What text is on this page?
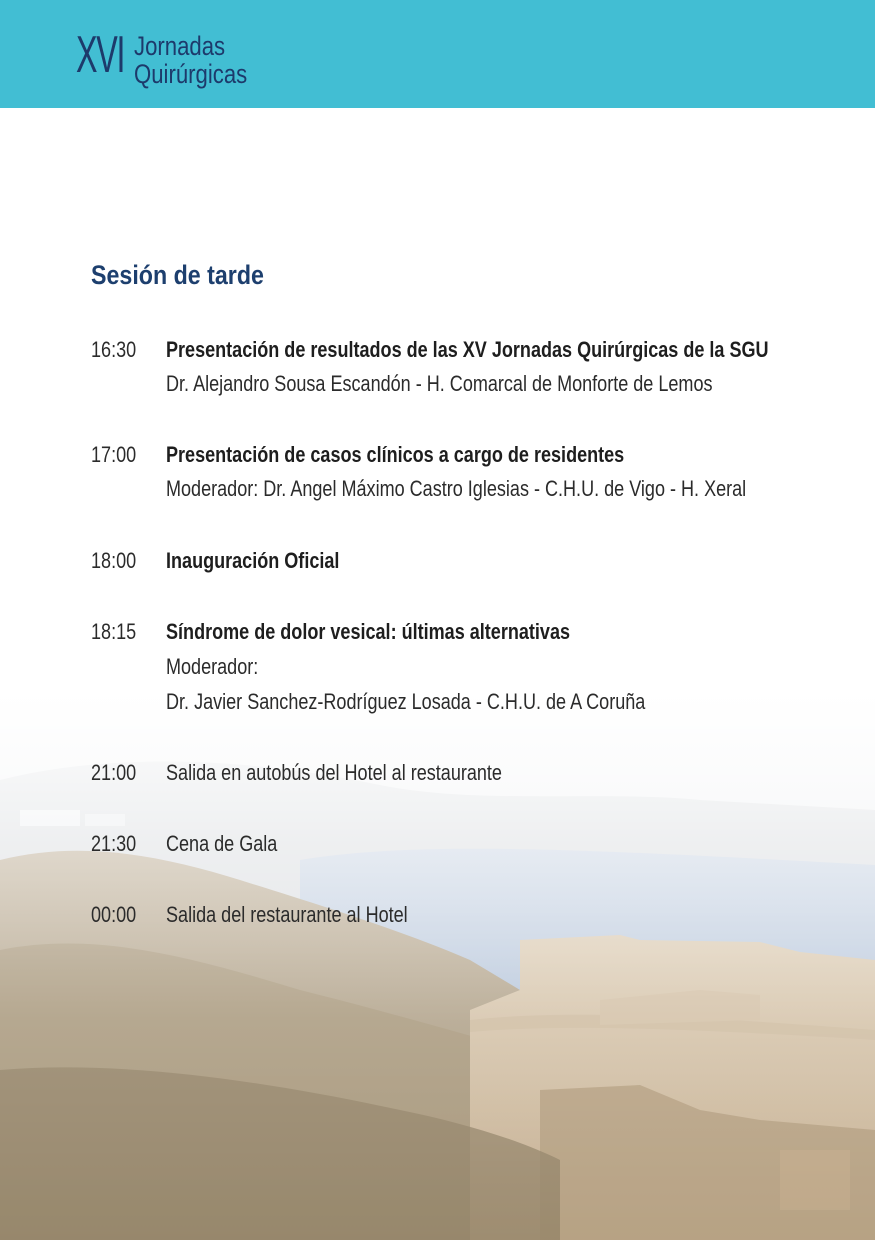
XVI Jornadas
Quirúrgicas
Sesión de tarde
16:30 Presentación de resultados de las XV Jornadas Quirúrgicas de la SGU
Dr. Alejandro Sousa Escandón - H. Comarcal de Monforte de Lemos
17:00 Presentación de casos clínicos a cargo de residentes
Moderador: Dr. Angel Máximo Castro Iglesias - C.H.U. de Vigo - H. Xeral
18:00 Inauguración Oficial
18:15 Síndrome de dolor vesical: últimas alternativas
Moderador:
Dr. Javier Sanchez-Rodríguez Losada - C.H.U. de A Coruña
21:00 Salida en autobús del Hotel al restaurante
21:30 Cena de Gala
00:00 Salida del restaurante al Hotel
